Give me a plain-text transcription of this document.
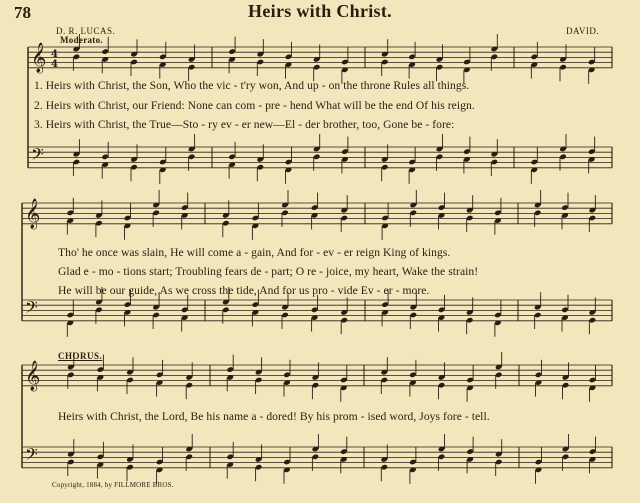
𝄞
𝄢
𝄞
𝄢
𝄞
𝄢
4
4
78	Heirs with Christ.
D. R. LUCAS.	DAVID.
Moderato.
CHORUS.
1. Heirs with Christ, the Son, Who the vic - t'ry won, And up - on the throne Rules all things.
2. Heirs with Christ, our Friend: None can com - pre - hend What will be the end Of his reign.
3. Heirs with Christ, the True—Sto - ry ev - er new—El - der brother, too, Gone be - fore:
Tho' he once was slain, He will come a - gain, And for - ev - er reign King of kings.
Glad e - mo - tions start; Troubling fears de - part; O re - joice, my heart, Wake the strain!
He will be our guide, As we cross the tide, And for us pro - vide Ev - er - more.
Heirs with Christ, the Lord, Be his name a - dored! By his prom - ised word, Joys fore - tell.
Copyright, 1884, by FILLMORE BROS.
